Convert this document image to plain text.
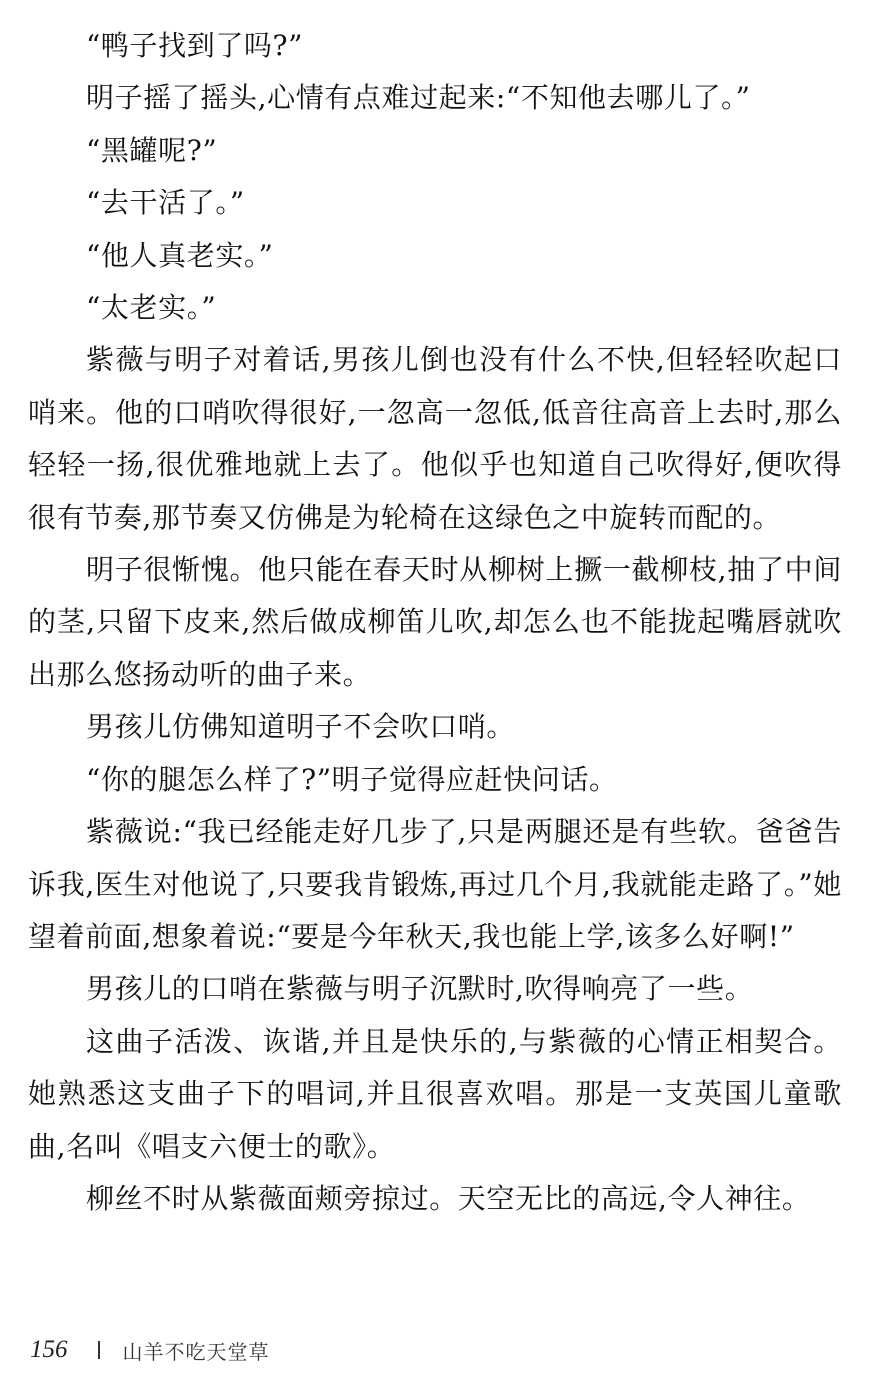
“鸭子找到了吗?”

明子摇了摇头,心情有点难过起来:“不知他去哪儿了。”

“黑罐呢?”

“去干活了。”

“他人真老实。”

“太老实。”

紫薇与明子对着话,男孩儿倒也没有什么不快,但轻轻吹起口哨来。他的口哨吹得很好,一忽高一忽低,低音往高音上去时,那么轻轻一扬,很优雅地就上去了。他似乎也知道自己吹得好,便吹得很有节奏,那节奏又仿佛是为轮椅在这绿色之中旋转而配的。

明子很惭愧。他只能在春天时从柳树上撅一截柳枝,抽了中间的茎,只留下皮来,然后做成柳笛儿吹,却怎么也不能拢起嘴唇就吹出那么悠扬动听的曲子来。

男孩儿仿佛知道明子不会吹口哨。

“你的腿怎么样了?”明子觉得应赶快问话。

紫薇说:“我已经能走好几步了,只是两腿还是有些软。爸爸告诉我,医生对他说了,只要我肯锻炼,再过几个月,我就能走路了。”她望着前面,想象着说:“要是今年秋天,我也能上学,该多么好啊!”

男孩儿的口哨在紫薇与明子沉默时,吹得响亮了一些。

这曲子活泼、诙谐,并且是快乐的,与紫薇的心情正相契合。她熟悉这支曲子下的唱词,并且很喜欢唱。那是一支英国儿童歌曲,名叫《唱支六便士的歌》。

柳丝不时从紫薇面颊旁掠过。天空无比的高远,令人神往。

156	山羊不吃天堂草
